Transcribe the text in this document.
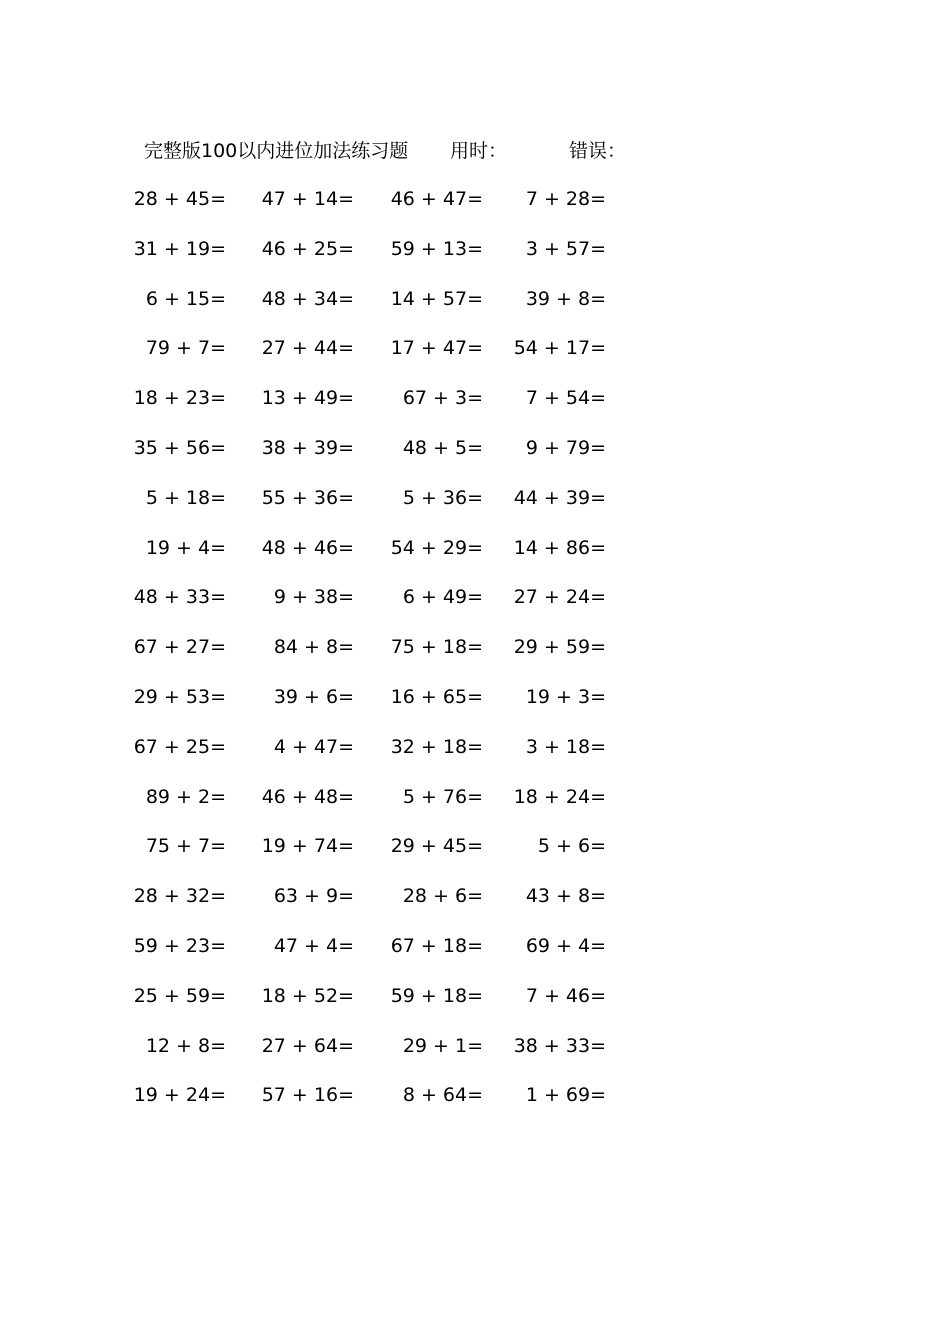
完整版100以内进位加法练习题 用时：	错误：
28 + 45= 47 + 14= 46 + 47= 7 + 28=
31 + 19= 46 + 25= 59 + 13= 3 + 57=
6 + 15= 48 + 34= 14 + 57= 39 + 8=
79 + 7= 27 + 44= 17 + 47= 54 + 17=
18 + 23= 13 + 49=	67 + 3= 7 + 54=
35 + 56= 38 + 39=	48 + 5= 9 + 79=
5 + 18= 55 + 36=	5 + 36= 44 + 39=
19 + 4= 48 + 46= 54 + 29= 14 + 86=
48 + 33=	9 + 38=	6 + 49= 27 + 24=
67 + 27=	84 + 8= 75 + 18= 29 + 59=
29 + 53=	39 + 6= 16 + 65= 19 + 3=
67 + 25=	4 + 47= 32 + 18= 3 + 18=
89 + 2= 46 + 48=	5 + 76= 18 + 24=
75 + 7= 19 + 74= 29 + 45=	5 + 6=
28 + 32=	63 + 9=	28 + 6= 43 + 8=
59 + 23=	47 + 4= 67 + 18= 69 + 4=
25 + 59= 18 + 52= 59 + 18= 7 + 46=
12 + 8= 27 + 64=	29 + 1= 38 + 33=
19 + 24= 57 + 16=	8 + 64= 1 + 69=
